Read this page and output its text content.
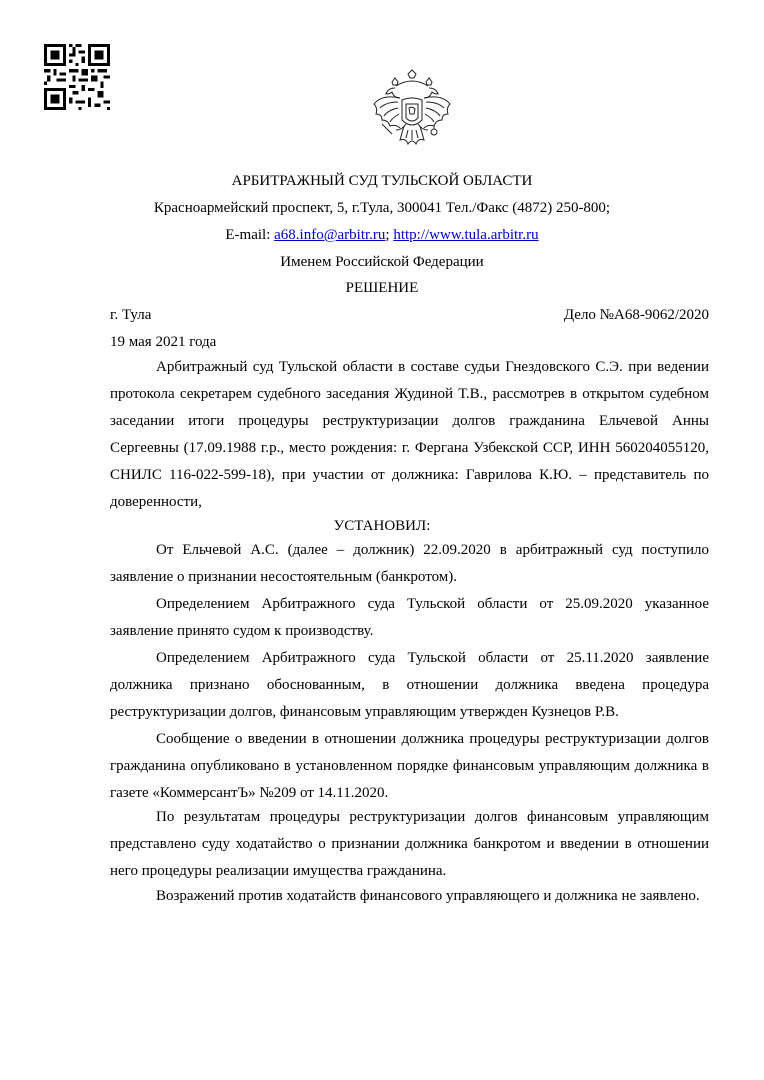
АРБИТРАЖНЫЙ СУД ТУЛЬСКОЙ ОБЛАСТИ
Красноармейский проспект, 5, г.Тула, 300041 Тел./Факс (4872) 250-800;
E-mail: a68.info@arbitr.ru; http://www.tula.arbitr.ru
Именем Российской Федерации
РЕШЕНИЕ
г. Тула	Дело №А68-9062/2020
19 мая 2021 года

Арбитражный суд Тульской области в составе судьи Гнездовского С.Э. при ведении протокола секретарем судебного заседания Жудиной Т.В., рассмотрев в открытом судебном заседании итоги процедуры реструктуризации долгов гражданина Ельчевой Анны Сергеевны (17.09.1988 г.р., место рождения: г. Фергана Узбекской ССР, ИНН 560204055120, СНИЛС 116-022-599-18), при участии от должника: Гаврилова К.Ю. – представитель по доверенности,

УСТАНОВИЛ:

От Ельчевой А.С. (далее – должник) 22.09.2020 в арбитражный суд поступило заявление о признании несостоятельным (банкротом).

Определением Арбитражного суда Тульской области от 25.09.2020 указанное заявление принято судом к производству.

Определением Арбитражного суда Тульской области от 25.11.2020 заявление должника признано обоснованным, в отношении должника введена процедура реструктуризации долгов, финансовым управляющим утвержден Кузнецов Р.В.

Сообщение о введении в отношении должника процедуры реструктуризации долгов гражданина опубликовано в установленном порядке финансовым управляющим должника в газете «КоммерсантЪ» №209 от 14.11.2020.

По результатам процедуры реструктуризации долгов финансовым управляющим представлено суду ходатайство о признании должника банкротом и введении в отношении него процедуры реализации имущества гражданина.

Возражений против ходатайств финансового управляющего и должника не заявлено.
